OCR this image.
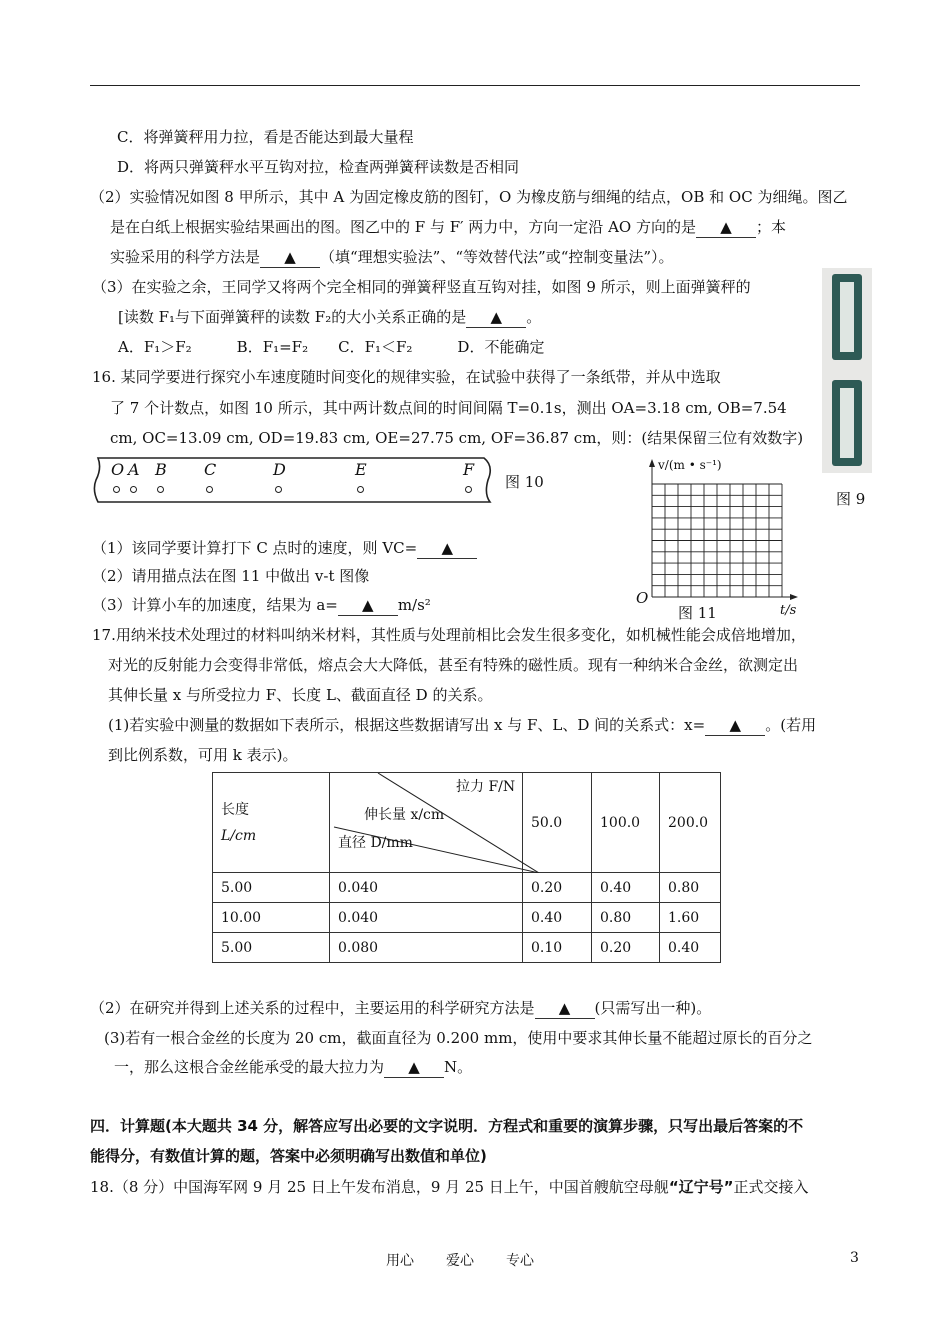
C．将弹簧秤用力拉，看是否能达到最大量程
D．将两只弹簧秤水平互钩对拉，检查两弹簧秤读数是否相同
（2）实验情况如图 8 甲所示，其中 A 为固定橡皮筋的图钉，O 为橡皮筋与细绳的结点，OB 和 OC 为细绳。图乙
是在白纸上根据实验结果画出的图。图乙中的 F 与 F′ 两力中，方向一定沿 AO 方向的是 ▲ ；本
实验采用的科学方法是 ▲ （填“理想实验法”、“等效替代法”或“控制变量法”）。
（3）在实验之余，王同学又将两个完全相同的弹簧秤竖直互钩对挂，如图 9 所示，则上面弹簧秤的
[读数 F₁与下面弹簧秤的读数 F₂的大小关系正确的是 ▲ 。
A．F₁＞F₂　　　B．F₁=F₂　　C．F₁＜F₂　　　D．不能确定
16. 某同学要进行探究小车速度随时间变化的规律实验，在试验中获得了一条纸带，并从中选取
了 7 个计数点，如图 10 所示，其中两计数点间的时间间隔 T=0.1s，测出 OA=3.18 cm, OB=7.54
cm, OC=13.09 cm, OD=19.83 cm, OE=27.75 cm, OF=36.87 cm，则：(结果保留三位有效数字)
（1）该同学要计算打下 C 点时的速度，则 VC= ▲
（2）请用描点法在图 11 中做出 v-t 图像
（3）计算小车的加速度，结果为 a= ▲ m/s²
17.用纳米技术处理过的材料叫纳米材料，其性质与处理前相比会发生很多变化，如机械性能会成倍地增加，
对光的反射能力会变得非常低，熔点会大大降低，甚至有特殊的磁性质。现有一种纳米合金丝，欲测定出
其伸长量 x 与所受拉力 F、长度 L、截面直径 D 的关系。
(1)若实验中测量的数据如下表所示，根据这些数据请写出 x 与 F、L、D 间的关系式：x= ▲ 。(若用
到比例系数，可用 k 表示)。
（2）在研究并得到上述关系的过程中，主要运用的科学研究方法是 ▲ (只需写出一种)。
(3)若有一根合金丝的长度为 20 cm，截面直径为 0.200 mm，使用中要求其伸长量不能超过原长的百分之
一，那么这根合金丝能承受的最大拉力为 ▲ N。
四．计算题(本大题共 34 分，解答应写出必要的文字说明．方程式和重要的演算步骤，只写出最后答案的不
能得分，有数值计算的题，答案中必须明确写出数值和单位)
18.（8 分）中国海军网 9 月 25 日上午发布消息，9 月 25 日上午，中国首艘航空母舰“辽宁号”正式交接入
图 9
O A B C	D	E	F
图 10
v/(m • s⁻¹)
O
t/s
图 11
长度
L/cm	拉力 F/N
伸长量 x/cm
直径 D/mm	50.0	100.0	200.0
5.00	0.040	0.20	0.40	0.80
10.00	0.040	0.40	0.80	1.60
5.00	0.080	0.10	0.20	0.40
用心 爱心 专心	3
